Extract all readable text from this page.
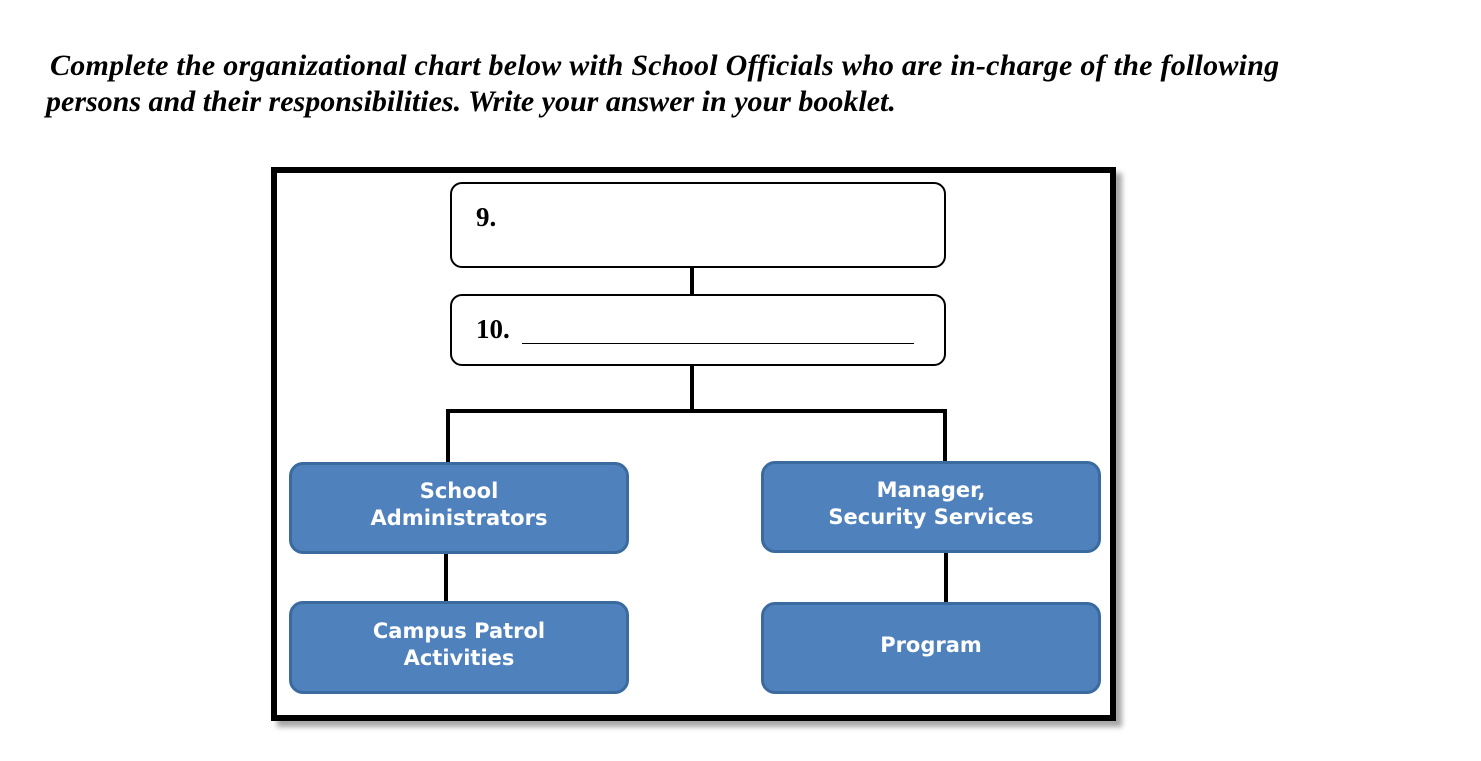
Complete the organizational chart below with School Officials who are in-charge of the following
persons and their responsibilities. Write your answer in your booklet.
9.
10.
School
Administrators
Manager,
Security Services
Campus Patrol
Activities
Program
